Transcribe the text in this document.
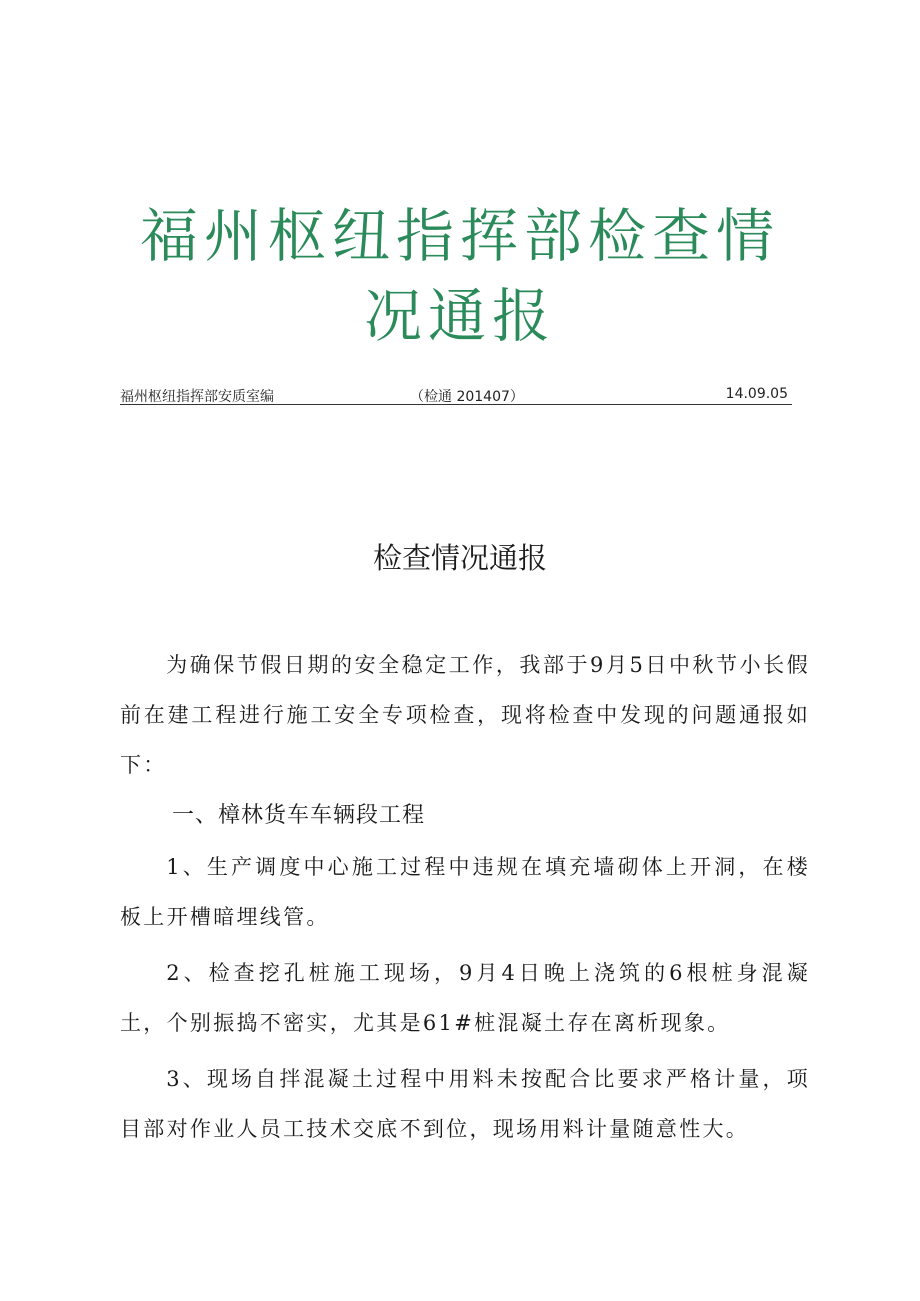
福州枢纽指挥部检查情况通报
福州枢纽指挥部安质室编	（检通 201407）	14.09.05
检查情况通报

为确保节假日期的安全稳定工作，我部于9月5日中秋节小长假前在建工程进行施工安全专项检查，现将检查中发现的问题通报如下：

一、樟林货车车辆段工程

1、生产调度中心施工过程中违规在填充墙砌体上开洞，在楼板上开槽暗埋线管。

2、检查挖孔桩施工现场，9月4日晚上浇筑的6根桩身混凝土，个别振捣不密实，尤其是61#桩混凝土存在离析现象。

3、现场自拌混凝土过程中用料未按配合比要求严格计量，项目部对作业人员工技术交底不到位，现场用料计量随意性大。
